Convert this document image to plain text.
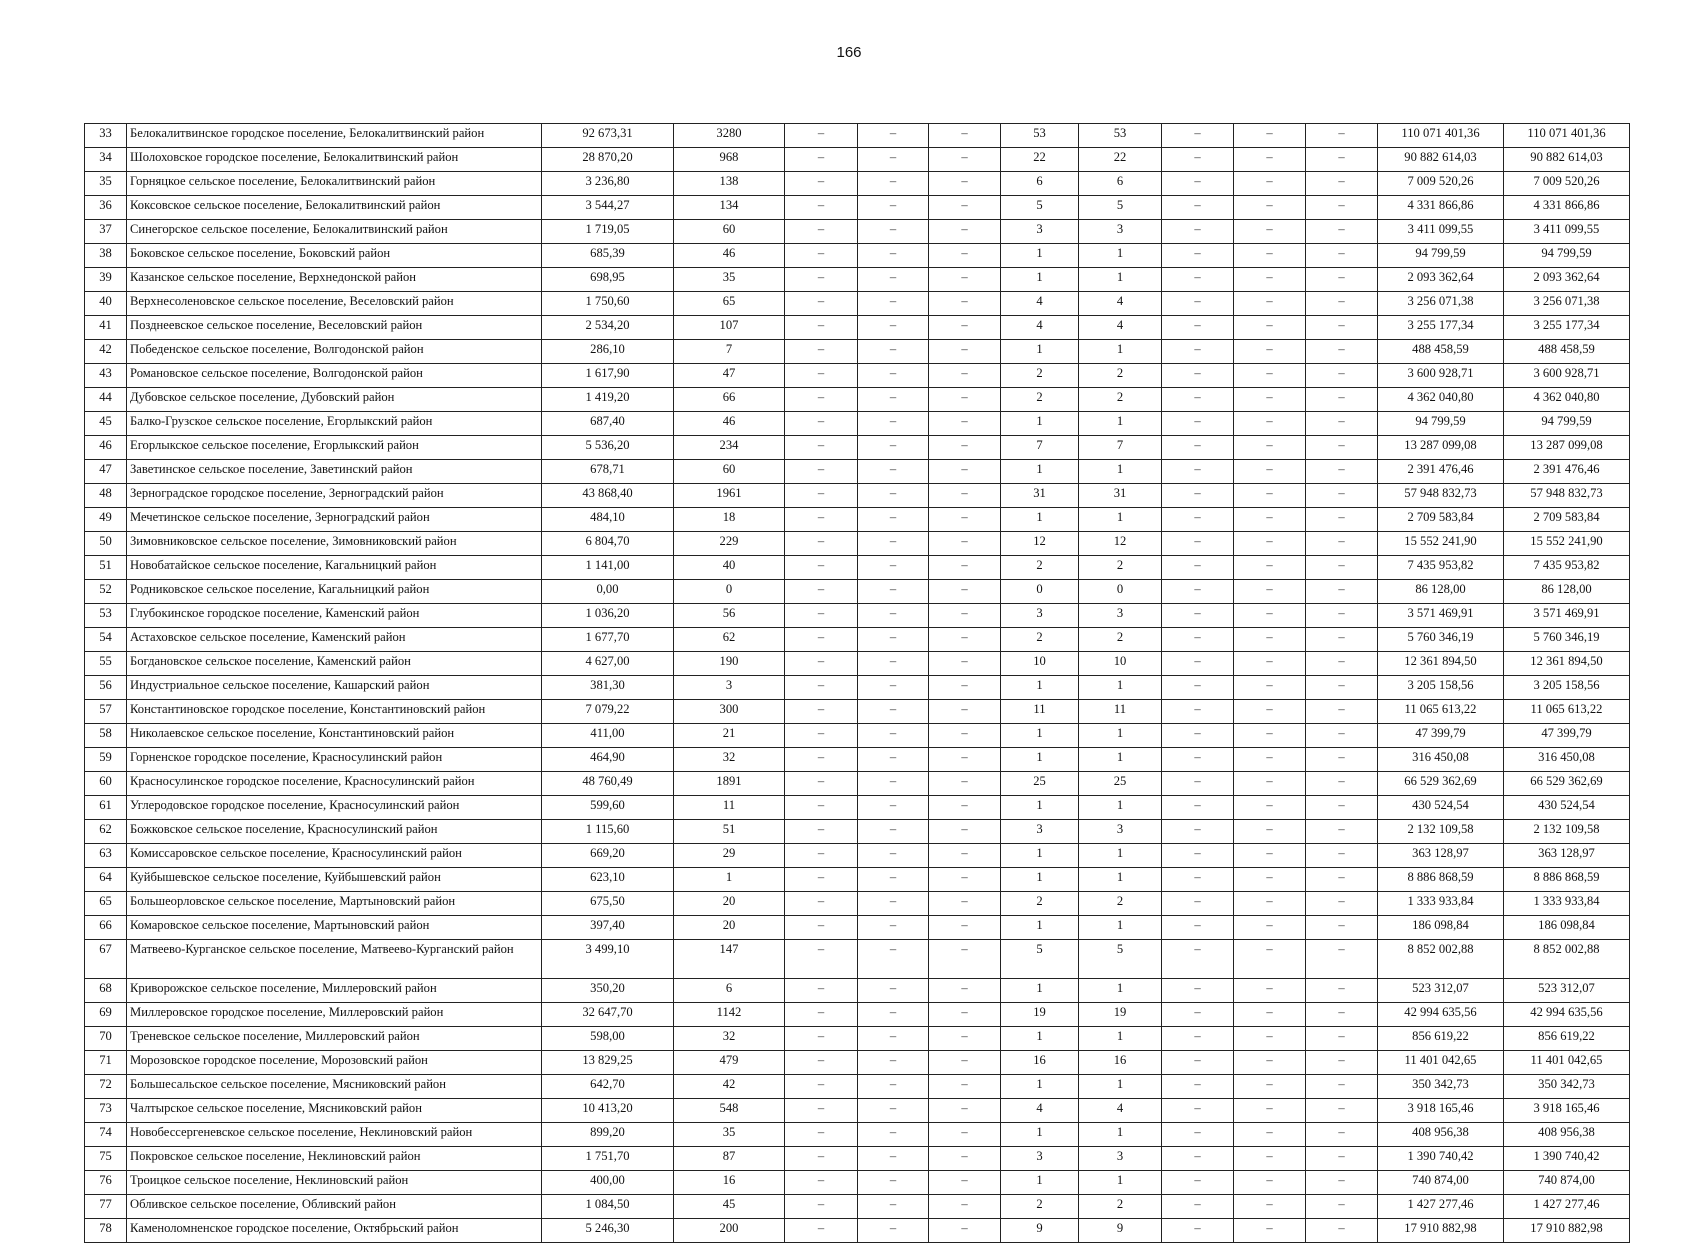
166
33	Белокалитвинское городское поселение, Белокалитвинский район	92 673,31	3280	–	–	–	53	53	–	–	–	110 071 401,36	110 071 401,36
34	Шолоховское городское поселение, Белокалитвинский район	28 870,20	968	–	–	–	22	22	–	–	–	90 882 614,03	90 882 614,03
35	Горняцкое сельское поселение, Белокалитвинский район	3 236,80	138	–	–	–	6	6	–	–	–	7 009 520,26	7 009 520,26
36	Коксовское сельское поселение, Белокалитвинский район	3 544,27	134	–	–	–	5	5	–	–	–	4 331 866,86	4 331 866,86
37	Синегорское сельское поселение, Белокалитвинский район	1 719,05	60	–	–	–	3	3	–	–	–	3 411 099,55	3 411 099,55
38	Боковское сельское поселение, Боковский район	685,39	46	–	–	–	1	1	–	–	–	94 799,59	94 799,59
39	Казанское сельское поселение, Верхнедонской район	698,95	35	–	–	–	1	1	–	–	–	2 093 362,64	2 093 362,64
40	Верхнесоленовское сельское поселение, Веселовский район	1 750,60	65	–	–	–	4	4	–	–	–	3 256 071,38	3 256 071,38
41	Позднеевское сельское поселение, Веселовский район	2 534,20	107	–	–	–	4	4	–	–	–	3 255 177,34	3 255 177,34
42	Победенское сельское поселение, Волгодонской район	286,10	7	–	–	–	1	1	–	–	–	488 458,59	488 458,59
43	Романовское сельское поселение, Волгодонской район	1 617,90	47	–	–	–	2	2	–	–	–	3 600 928,71	3 600 928,71
44	Дубовское сельское поселение, Дубовский район	1 419,20	66	–	–	–	2	2	–	–	–	4 362 040,80	4 362 040,80
45	Балко-Грузское сельское поселение, Егорлыкский район	687,40	46	–	–	–	1	1	–	–	–	94 799,59	94 799,59
46	Егорлыкское сельское поселение, Егорлыкский район	5 536,20	234	–	–	–	7	7	–	–	–	13 287 099,08	13 287 099,08
47	Заветинское сельское поселение, Заветинский район	678,71	60	–	–	–	1	1	–	–	–	2 391 476,46	2 391 476,46
48	Зерноградское городское поселение, Зерноградский район	43 868,40	1961	–	–	–	31	31	–	–	–	57 948 832,73	57 948 832,73
49	Мечетинское сельское поселение, Зерноградский район	484,10	18	–	–	–	1	1	–	–	–	2 709 583,84	2 709 583,84
50	Зимовниковское сельское поселение, Зимовниковский район	6 804,70	229	–	–	–	12	12	–	–	–	15 552 241,90	15 552 241,90
51	Новобатайское сельское поселение, Кагальницкий район	1 141,00	40	–	–	–	2	2	–	–	–	7 435 953,82	7 435 953,82
52	Родниковское сельское поселение, Кагальницкий район	0,00	0	–	–	–	0	0	–	–	–	86 128,00	86 128,00
53	Глубокинское городское поселение, Каменский район	1 036,20	56	–	–	–	3	3	–	–	–	3 571 469,91	3 571 469,91
54	Астаховское сельское поселение, Каменский район	1 677,70	62	–	–	–	2	2	–	–	–	5 760 346,19	5 760 346,19
55	Богдановское сельское поселение, Каменский район	4 627,00	190	–	–	–	10	10	–	–	–	12 361 894,50	12 361 894,50
56	Индустриальное сельское поселение, Кашарский район	381,30	3	–	–	–	1	1	–	–	–	3 205 158,56	3 205 158,56
57	Константиновское городское поселение, Константиновский район	7 079,22	300	–	–	–	11	11	–	–	–	11 065 613,22	11 065 613,22
58	Николаевское сельское поселение, Константиновский район	411,00	21	–	–	–	1	1	–	–	–	47 399,79	47 399,79
59	Горненское городское поселение, Красносулинский район	464,90	32	–	–	–	1	1	–	–	–	316 450,08	316 450,08
60	Красносулинское городское поселение, Красносулинский район	48 760,49	1891	–	–	–	25	25	–	–	–	66 529 362,69	66 529 362,69
61	Углеродовское городское поселение, Красносулинский район	599,60	11	–	–	–	1	1	–	–	–	430 524,54	430 524,54
62	Божковское сельское поселение, Красносулинский район	1 115,60	51	–	–	–	3	3	–	–	–	2 132 109,58	2 132 109,58
63	Комиссаровское сельское поселение, Красносулинский район	669,20	29	–	–	–	1	1	–	–	–	363 128,97	363 128,97
64	Куйбышевское сельское поселение, Куйбышевский район	623,10	1	–	–	–	1	1	–	–	–	8 886 868,59	8 886 868,59
65	Большеорловское сельское поселение, Мартыновский район	675,50	20	–	–	–	2	2	–	–	–	1 333 933,84	1 333 933,84
66	Комаровское сельское поселение, Мартыновский район	397,40	20	–	–	–	1	1	–	–	–	186 098,84	186 098,84
67	Матвеево-Курганское сельское поселение, Матвеево-Курганский район	3 499,10	147	–	–	–	5	5	–	–	–	8 852 002,88	8 852 002,88
68	Криворожское сельское поселение, Миллеровский район	350,20	6	–	–	–	1	1	–	–	–	523 312,07	523 312,07
69	Миллеровское городское поселение, Миллеровский район	32 647,70	1142	–	–	–	19	19	–	–	–	42 994 635,56	42 994 635,56
70	Треневское сельское поселение, Миллеровский район	598,00	32	–	–	–	1	1	–	–	–	856 619,22	856 619,22
71	Морозовское городское поселение, Морозовский район	13 829,25	479	–	–	–	16	16	–	–	–	11 401 042,65	11 401 042,65
72	Большесальское сельское поселение, Мясниковский район	642,70	42	–	–	–	1	1	–	–	–	350 342,73	350 342,73
73	Чалтырское сельское поселение, Мясниковский район	10 413,20	548	–	–	–	4	4	–	–	–	3 918 165,46	3 918 165,46
74	Новобессергеневское сельское поселение, Неклиновский район	899,20	35	–	–	–	1	1	–	–	–	408 956,38	408 956,38
75	Покровское сельское поселение, Неклиновский район	1 751,70	87	–	–	–	3	3	–	–	–	1 390 740,42	1 390 740,42
76	Троицкое сельское поселение, Неклиновский район	400,00	16	–	–	–	1	1	–	–	–	740 874,00	740 874,00
77	Обливское сельское поселение, Обливский район	1 084,50	45	–	–	–	2	2	–	–	–	1 427 277,46	1 427 277,46
78	Каменоломненское городское поселение, Октябрьский район	5 246,30	200	–	–	–	9	9	–	–	–	17 910 882,98	17 910 882,98
